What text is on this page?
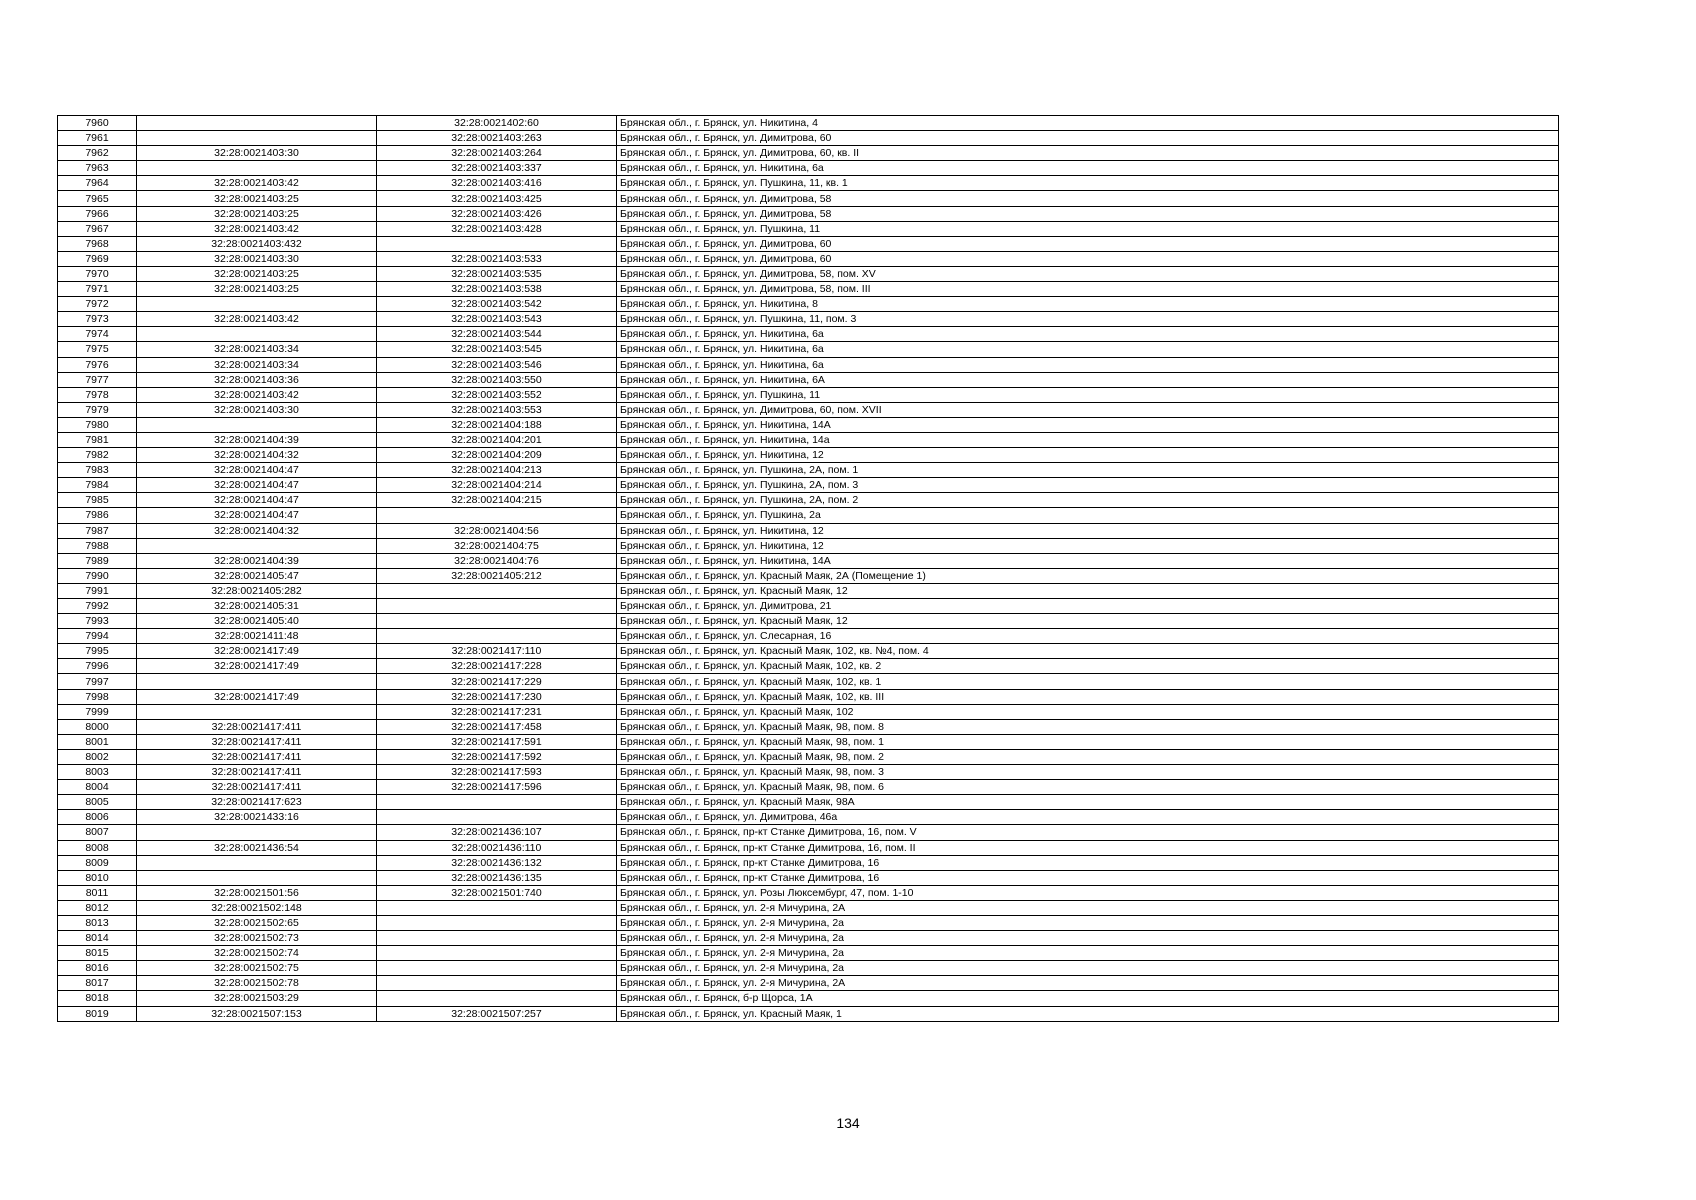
7960		32:28:0021402:60	Брянская обл., г. Брянск, ул. Никитина, 4
7961		32:28:0021403:263	Брянская обл., г. Брянск, ул. Димитрова, 60
7962	32:28:0021403:30	32:28:0021403:264	Брянская обл., г. Брянск, ул. Димитрова, 60, кв. II
7963		32:28:0021403:337	Брянская обл., г. Брянск, ул. Никитина, 6а
7964	32:28:0021403:42	32:28:0021403:416	Брянская обл., г. Брянск, ул. Пушкина, 11, кв. 1
7965	32:28:0021403:25	32:28:0021403:425	Брянская обл., г. Брянск, ул. Димитрова, 58
7966	32:28:0021403:25	32:28:0021403:426	Брянская обл., г. Брянск, ул. Димитрова, 58
7967	32:28:0021403:42	32:28:0021403:428	Брянская обл., г. Брянск, ул. Пушкина, 11
7968	32:28:0021403:432		Брянская обл., г. Брянск, ул. Димитрова, 60
7969	32:28:0021403:30	32:28:0021403:533	Брянская обл., г. Брянск, ул. Димитрова, 60
7970	32:28:0021403:25	32:28:0021403:535	Брянская обл., г. Брянск, ул. Димитрова, 58, пом. XV
7971	32:28:0021403:25	32:28:0021403:538	Брянская обл., г. Брянск, ул. Димитрова, 58, пом. III
7972		32:28:0021403:542	Брянская обл., г. Брянск, ул. Никитина, 8
7973	32:28:0021403:42	32:28:0021403:543	Брянская обл., г. Брянск, ул. Пушкина, 11, пом. 3
7974		32:28:0021403:544	Брянская обл., г. Брянск, ул. Никитина, 6а
7975	32:28:0021403:34	32:28:0021403:545	Брянская обл., г. Брянск, ул. Никитина, 6а
7976	32:28:0021403:34	32:28:0021403:546	Брянская обл., г. Брянск, ул. Никитина, 6а
7977	32:28:0021403:36	32:28:0021403:550	Брянская обл., г. Брянск, ул. Никитина, 6А
7978	32:28:0021403:42	32:28:0021403:552	Брянская обл., г. Брянск, ул. Пушкина, 11
7979	32:28:0021403:30	32:28:0021403:553	Брянская обл., г. Брянск, ул. Димитрова, 60, пом. XVII
7980		32:28:0021404:188	Брянская обл., г. Брянск, ул. Никитина, 14А
7981	32:28:0021404:39	32:28:0021404:201	Брянская обл., г. Брянск, ул. Никитина, 14а
7982	32:28:0021404:32	32:28:0021404:209	Брянская обл., г. Брянск, ул. Никитина, 12
7983	32:28:0021404:47	32:28:0021404:213	Брянская обл., г. Брянск, ул. Пушкина, 2А, пом. 1
7984	32:28:0021404:47	32:28:0021404:214	Брянская обл., г. Брянск, ул. Пушкина, 2А, пом. 3
7985	32:28:0021404:47	32:28:0021404:215	Брянская обл., г. Брянск, ул. Пушкина, 2А, пом. 2
7986	32:28:0021404:47		Брянская обл., г. Брянск, ул. Пушкина, 2а
7987	32:28:0021404:32	32:28:0021404:56	Брянская обл., г. Брянск, ул. Никитина, 12
7988		32:28:0021404:75	Брянская обл., г. Брянск, ул. Никитина, 12
7989	32:28:0021404:39	32:28:0021404:76	Брянская обл., г. Брянск, ул. Никитина, 14А
7990	32:28:0021405:47	32:28:0021405:212	Брянская обл., г. Брянск, ул. Красный Маяк, 2А (Помещение 1)
7991	32:28:0021405:282		Брянская обл., г. Брянск, ул. Красный Маяк, 12
7992	32:28:0021405:31		Брянская обл., г. Брянск, ул. Димитрова, 21
7993	32:28:0021405:40		Брянская обл., г. Брянск, ул. Красный Маяк, 12
7994	32:28:0021411:48		Брянская обл., г. Брянск, ул. Слесарная, 16
7995	32:28:0021417:49	32:28:0021417:110	Брянская обл., г. Брянск, ул. Красный Маяк, 102, кв. №4, пом. 4
7996	32:28:0021417:49	32:28:0021417:228	Брянская обл., г. Брянск, ул. Красный Маяк, 102, кв. 2
7997		32:28:0021417:229	Брянская обл., г. Брянск, ул. Красный Маяк, 102, кв. 1
7998	32:28:0021417:49	32:28:0021417:230	Брянская обл., г. Брянск, ул. Красный Маяк, 102, кв. III
7999		32:28:0021417:231	Брянская обл., г. Брянск, ул. Красный Маяк, 102
8000	32:28:0021417:411	32:28:0021417:458	Брянская обл., г. Брянск, ул. Красный Маяк, 98, пом. 8
8001	32:28:0021417:411	32:28:0021417:591	Брянская обл., г. Брянск, ул. Красный Маяк, 98, пом. 1
8002	32:28:0021417:411	32:28:0021417:592	Брянская обл., г. Брянск, ул. Красный Маяк, 98, пом. 2
8003	32:28:0021417:411	32:28:0021417:593	Брянская обл., г. Брянск, ул. Красный Маяк, 98, пом. 3
8004	32:28:0021417:411	32:28:0021417:596	Брянская обл., г. Брянск, ул. Красный Маяк, 98, пом. 6
8005	32:28:0021417:623		Брянская обл., г. Брянск, ул. Красный Маяк, 98А
8006	32:28:0021433:16		Брянская обл., г. Брянск, ул. Димитрова, 46а
8007		32:28:0021436:107	Брянская обл., г. Брянск, пр-кт Станке Димитрова, 16, пом. V
8008	32:28:0021436:54	32:28:0021436:110	Брянская обл., г. Брянск, пр-кт Станке Димитрова, 16, пом. II
8009		32:28:0021436:132	Брянская обл., г. Брянск, пр-кт Станке Димитрова, 16
8010		32:28:0021436:135	Брянская обл., г. Брянск, пр-кт Станке Димитрова, 16
8011	32:28:0021501:56	32:28:0021501:740	Брянская обл., г. Брянск, ул. Розы Люксембург, 47, пом. 1-10
8012	32:28:0021502:148		Брянская обл., г. Брянск, ул. 2-я Мичурина, 2А
8013	32:28:0021502:65		Брянская обл., г. Брянск, ул. 2-я Мичурина, 2а
8014	32:28:0021502:73		Брянская обл., г. Брянск, ул. 2-я Мичурина, 2а
8015	32:28:0021502:74		Брянская обл., г. Брянск, ул. 2-я Мичурина, 2а
8016	32:28:0021502:75		Брянская обл., г. Брянск, ул. 2-я Мичурина, 2а
8017	32:28:0021502:78		Брянская обл., г. Брянск, ул. 2-я Мичурина, 2А
8018	32:28:0021503:29		Брянская обл., г. Брянск, б-р Щорса, 1А
8019	32:28:0021507:153	32:28:0021507:257	Брянская обл., г. Брянск, ул. Красный Маяк, 1
134
